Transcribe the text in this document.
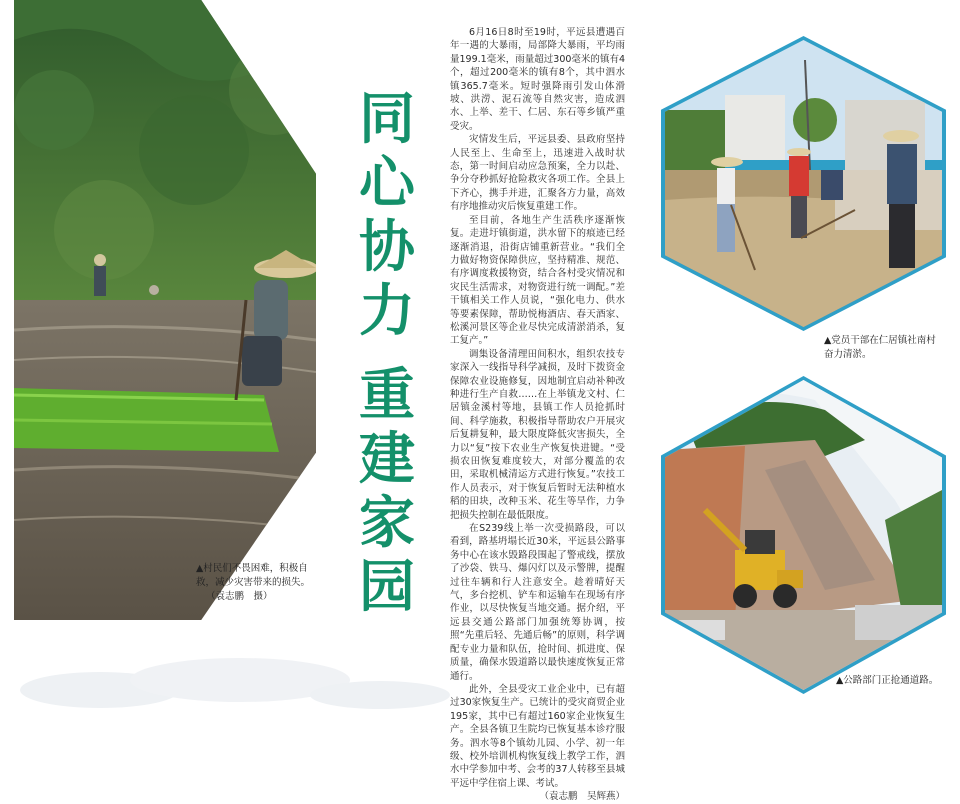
▲村民们不畏困难，积极自救，减少灾害带来的损失。
（袁志鹏　摄）
同
心
协
力
重
建
家
园

6月16日8时至19时，平远县遭遇百年一遇的大暴雨，局部降大暴雨，平均雨量199.1毫米，雨量超过300毫米的镇有4个，超过200毫米的镇有8个，其中泗水镇365.7毫米。短时强降雨引发山体滑坡、洪涝、泥石流等自然灾害，造成泗水、上举、差干、仁居、东石等乡镇严重受灾。

灾情发生后，平远县委、县政府坚持人民至上、生命至上，迅速进入战时状态，第一时间启动应急预案，全力以赴、争分夺秒抓好抢险救灾各项工作。全县上下齐心，携手并进，汇聚各方力量，高效有序地推动灾后恢复重建工作。

至目前，各地生产生活秩序逐渐恢复。走进圩镇街道，洪水留下的痕迹已经逐渐消退，沿街店铺重新营业。“我们全力做好物资保障供应，坚持精准、规范、有序调度救援物资，结合各村受灾情况和灾民生活需求，对物资进行统一调配。”差干镇相关工作人员说，“强化电力、供水等要素保障，帮助悦梅酒店、春天酒家、松溪河景区等企业尽快完成清淤消杀，复工复产。”

调集设备清理田间积水，组织农技专家深入一线指导科学减损，及时下拨资金保障农业设施修复，因地制宜启动补种改种进行生产自救……在上举镇龙文村、仁居镇金溪村等地，县镇工作人员抢抓时间、科学施救，积极指导帮助农户开展灾后复耕复种，最大限度降低灾害损失，全力以“复”按下农业生产恢复快进键。“受损农田恢复难度较大，对部分覆盖的农田，采取机械清运方式进行恢复。”农技工作人员表示，对于恢复后暂时无法种植水稻的田块，改种玉米、花生等旱作，力争把损失控制在最低限度。

在S239线上举一次受损路段，可以看到，路基坍塌长近30米，平远县公路事务中心在该水毁路段围起了警戒线，摆放了沙袋、铁马、爆闪灯以及示警牌，提醒过往车辆和行人注意安全。趁着晴好天气，多台挖机、铲车和运输车在现场有序作业，以尽快恢复当地交通。据介绍，平远县交通公路部门加强统筹协调，按照“先重后轻、先通后畅”的原则，科学调配专业力量和队伍，抢时间、抓进度、保质量，确保水毁道路以最快速度恢复正常通行。

此外，全县受灾工业企业中，已有超过30家恢复生产。已统计的受灾商贸企业195家，其中已有超过160家企业恢复生产。全县各镇卫生院均已恢复基本诊疗服务。泗水等8个镇幼儿园、小学、初一年级、校外培训机构恢复线上教学工作，泗水中学参加中考、会考的37人转移至县城平远中学住宿上课、考试。

（袁志鹏　吴辉燕）

▲党员干部在仁居镇社南村奋力清淤。
▲公路部门正抢通道路。
